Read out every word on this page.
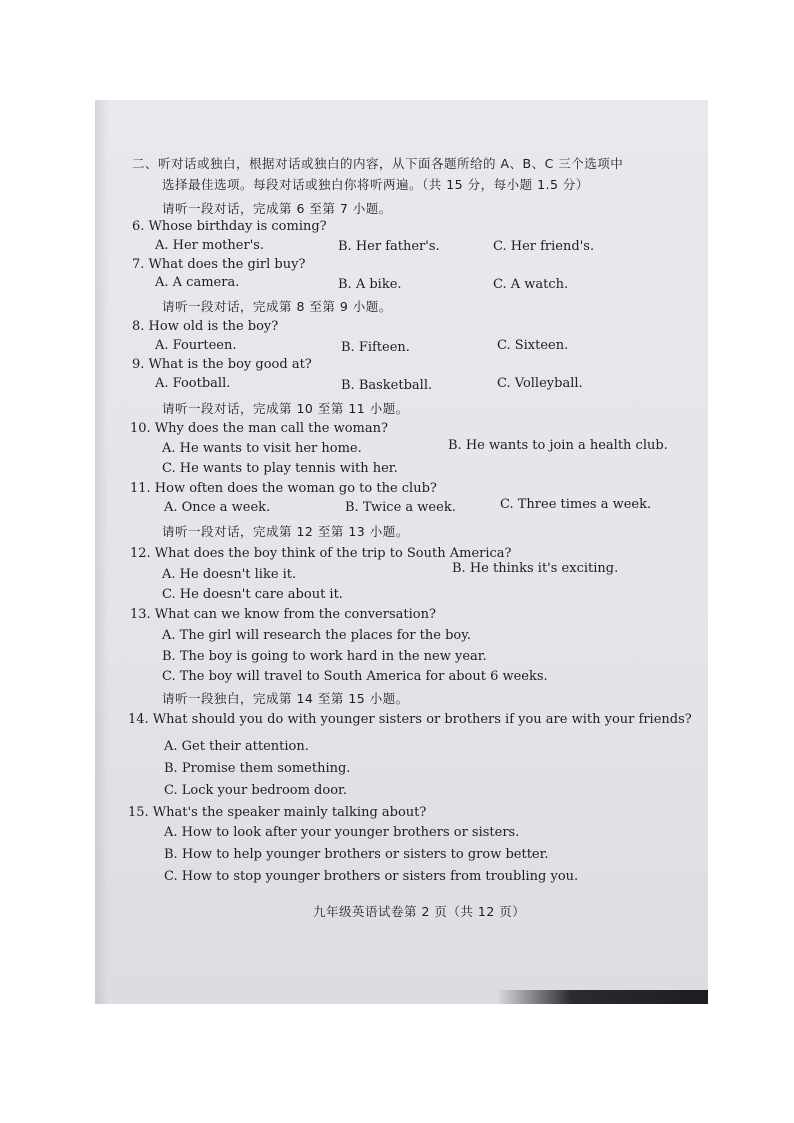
二、听对话或独白，根据对话或独白的内容，从下面各题所给的 A、B、C 三个选项中
选择最佳选项。每段对话或独白你将听两遍。（共 15 分，每小题 1.5 分）
请听一段对话，完成第 6 至第 7 小题。
6. Whose birthday is coming?
A. Her mother's.	B. Her father's.	C. Her friend's.
7. What does the girl buy?
A. A camera.	B. A bike.	C. A watch.
请听一段对话，完成第 8 至第 9 小题。
8. How old is the boy?
A. Fourteen.	B. Fifteen.	C. Sixteen.
9. What is the boy good at?
A. Football.	B. Basketball.	C. Volleyball.
请听一段对话，完成第 10 至第 11 小题。
10. Why does the man call the woman?
A. He wants to visit her home.	B. He wants to join a health club.
C. He wants to play tennis with her.
11. How often does the woman go to the club?
A. Once a week.	B. Twice a week.	C. Three times a week.
请听一段对话，完成第 12 至第 13 小题。
12. What does the boy think of the trip to South America?
A. He doesn't like it.	B. He thinks it's exciting.
C. He doesn't care about it.
13. What can we know from the conversation?
A. The girl will research the places for the boy.
B. The boy is going to work hard in the new year.
C. The boy will travel to South America for about 6 weeks.
请听一段独白，完成第 14 至第 15 小题。
14. What should you do with younger sisters or brothers if you are with your friends?
A. Get their attention.
B. Promise them something.
C. Lock your bedroom door.
15. What's the speaker mainly talking about?
A. How to look after your younger brothers or sisters.
B. How to help younger brothers or sisters to grow better.
C. How to stop younger brothers or sisters from troubling you.
九年级英语试卷第 2 页（共 12 页）
